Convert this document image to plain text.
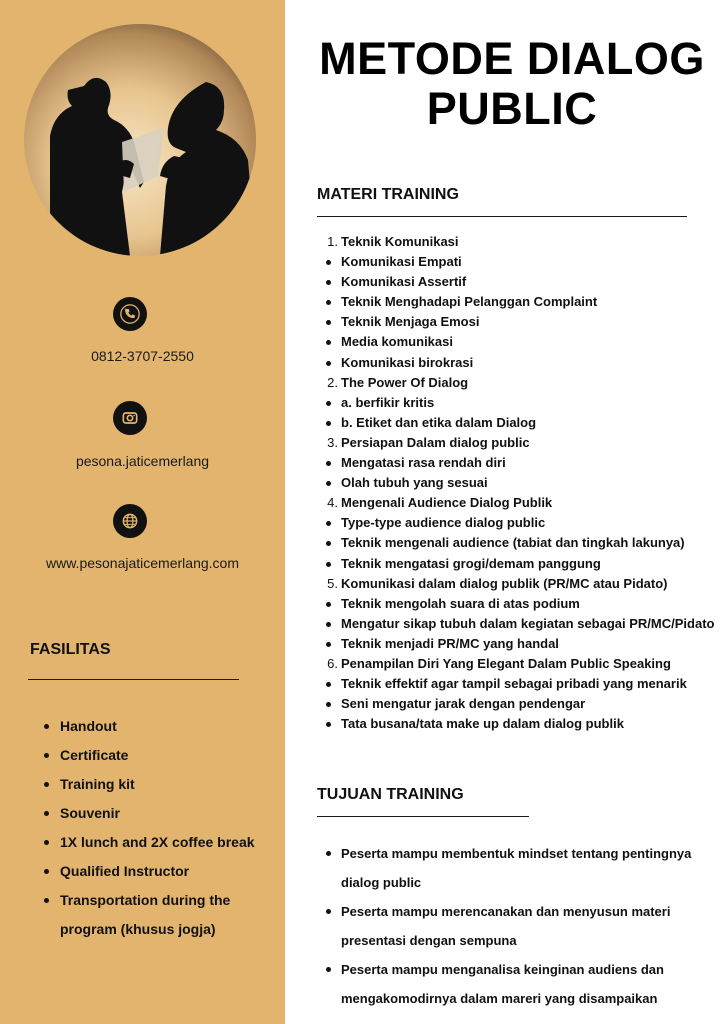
0812-3707-2550
pesona.jaticemerlang
www.pesonajaticemerlang.com
FASILITAS
Handout
Certificate
Training kit
Souvenir
1X lunch and 2X coffee break
Qualified Instructor
Transportation during the program (khusus jogja)
METODE DIALOG
PUBLIC
MATERI TRAINING
1. Teknik Komunikasi
Komunikasi Empati
Komunikasi Assertif
Teknik Menghadapi Pelanggan Complaint
Teknik Menjaga Emosi
Media komunikasi
Komunikasi birokrasi
2. The Power Of Dialog
a. berfikir kritis
b. Etiket dan etika dalam Dialog
3. Persiapan Dalam dialog public
Mengatasi rasa rendah diri
Olah tubuh yang sesuai
4. Mengenali Audience Dialog Publik
Type-type audience dialog public
Teknik mengenali audience (tabiat dan tingkah lakunya)
Teknik mengatasi grogi/demam panggung
5. Komunikasi dalam dialog publik (PR/MC atau Pidato)
Teknik mengolah suara di atas podium
Mengatur sikap tubuh dalam kegiatan sebagai PR/MC/Pidato
Teknik menjadi PR/MC yang handal
6. Penampilan Diri Yang Elegant Dalam Public Speaking
Teknik effektif agar tampil sebagai pribadi yang menarik
Seni mengatur jarak dengan pendengar
Tata busana/tata make up dalam dialog publik
TUJUAN TRAINING
Peserta mampu membentuk mindset tentang pentingnya dialog public
Peserta mampu merencanakan dan menyusun materi presentasi dengan sempuna
Peserta mampu menganalisa keinginan audiens dan mengakomodirnya dalam mareri yang disampaikan
